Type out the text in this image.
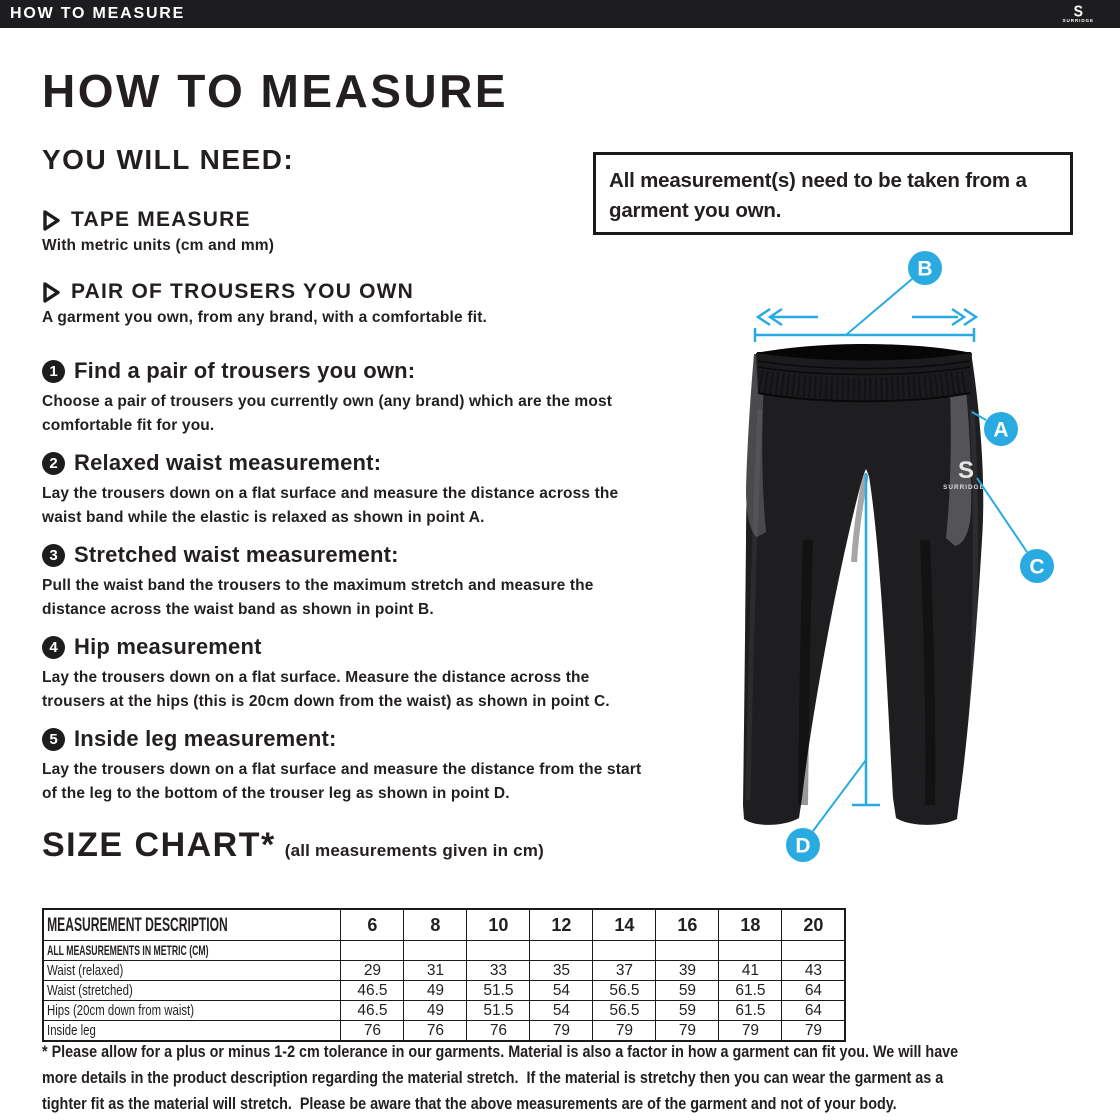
HOW TO MEASURE	S
SURRIDGE
HOW TO MEASURE
YOU WILL NEED:
TAPE MEASURE
With metric units (cm and mm)
PAIR OF TROUSERS YOU OWN
A garment you own, from any brand, with a comfortable fit.
All measurement(s) need to be taken from a garment you own.
1 Find a pair of trousers you own:
Choose a pair of trousers you currently own (any brand) which are the most comfortable fit for you.
2 Relaxed waist measurement:
Lay the trousers down on a flat surface and measure the distance across the waist band while the elastic is relaxed as shown in point A.
3 Stretched waist measurement:
Pull the waist band the trousers to the maximum stretch and measure the distance across the waist band as shown in point B.
4 Hip measurement
Lay the trousers down on a flat surface. Measure the distance across the trousers at the hips (this is 20cm down from the waist) as shown in point C.
5 Inside leg measurement:
Lay the trousers down on a flat surface and measure the distance from the start of the leg to the bottom of the trouser leg as shown in point D.
S
SURRIDGE
A
B
C
D
SIZE CHART* (all measurements given in cm)
MEASUREMENT DESCRIPTION	6	8	10	12	14	16	18	20
ALL MEASUREMENTS IN METRIC (CM)								
Waist (relaxed)	29	31	33	35	37	39	41	43
Waist (stretched)	46.5	49	51.5	54	56.5	59	61.5	64
Hips (20cm down from waist)	46.5	49	51.5	54	56.5	59	61.5	64
Inside leg	76	76	76	79	79	79	79	79
* Please allow for a plus or minus 1-2 cm tolerance in our garments. Material is also a factor in how a garment can fit you. We will have
more details in the product description regarding the material stretch.  If the material is stretchy then you can wear the garment as a
tighter fit as the material will stretch.  Please be aware that the above measurements are of the garment and not of your body.
